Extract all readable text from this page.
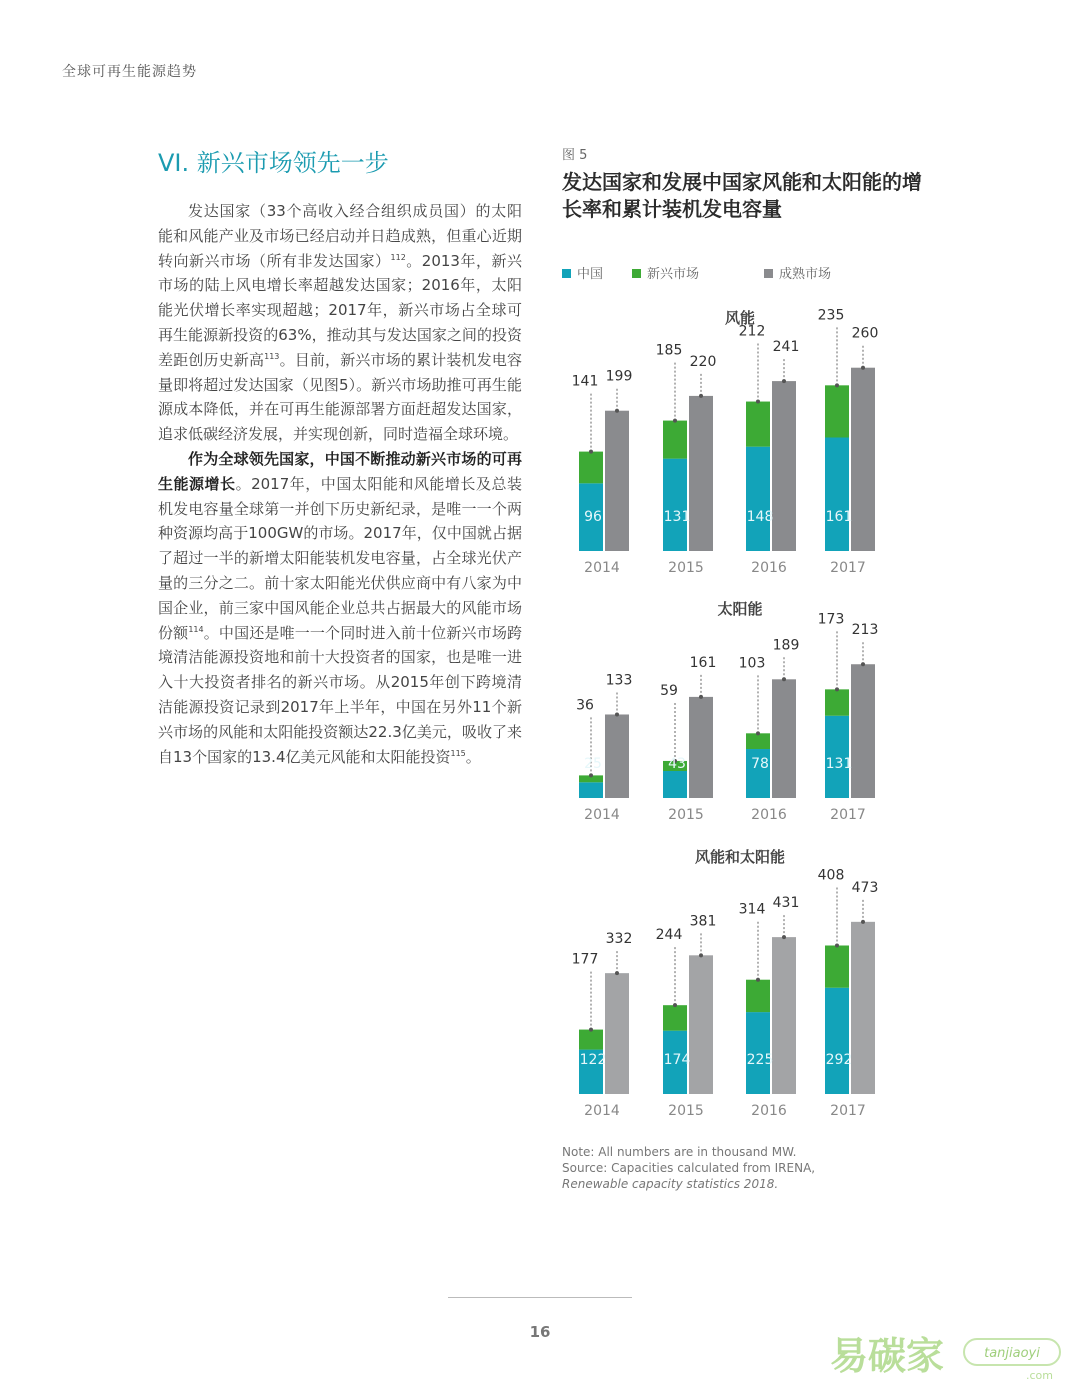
全球可再生能源趋势
VI. 新兴市场领先一步

发达国家（33个高收入经合组织成员国）的太阳能和风能产业及市场已经启动并日趋成熟，但重心近期转向新兴市场（所有非发达国家）$^{112}$。2013年，新兴市场的陆上风电增长率超越发达国家；2016年，太阳能光伏增长率实现超越；2017年，新兴市场占全球可再生能源新投资的63%，推动其与发达国家之间的投资差距创历史新高$^{113}$。目前，新兴市场的累计装机发电容量即将超过发达国家（见图5）。新兴市场助推可再生能源成本降低，并在可再生能源部署方面赶超发达国家，追求低碳经济发展，并实现创新，同时造福全球环境。

作为全球领先国家，中国不断推动新兴市场的可再生能源增长。2017年，中国太阳能和风能增长及总装机发电容量全球第一并创下历史新纪录，是唯一一个两种资源均高于100GW的市场。2017年，仅中国就占据了超过一半的新增太阳能装机发电容量，占全球光伏产量的三分之二。前十家太阳能光伏供应商中有八家为中国企业，前三家中国风能企业总共占据最大的风能市场份额$^{114}$。中国还是唯一一个同时进入前十位新兴市场跨境清洁能源投资地和前十大投资者的国家，也是唯一进入十大投资者排名的新兴市场。从2015年创下跨境清洁能源投资记录到2017年上半年，中国在另外11个新兴市场的风能和太阳能投资额达22.3亿美元，吸收了来自13个国家的13.4亿美元风能和太阳能投资$^{115}$。

图 5
发达国家和发展中国家风能和太阳能的增长率和累计装机发电容量
中国	新兴市场	成熟市场
风能
141 199
96
2014
185
220
131
2015
212
241
148
2016
235
260
161
2017
太阳能
36
133
25
2014
59
161
43
2015
103
189
78
2016
173
213
131
2017
风能和太阳能
177
332
122
2014
244
381
174
2015
314 431
225
2016
408
473
292
2017
Note: All numbers are in thousand MW.
Source: Capacities calculated from IRENA,
Renewable capacity statistics 2018.
16
易碳家	tanjiaoyi
.com
